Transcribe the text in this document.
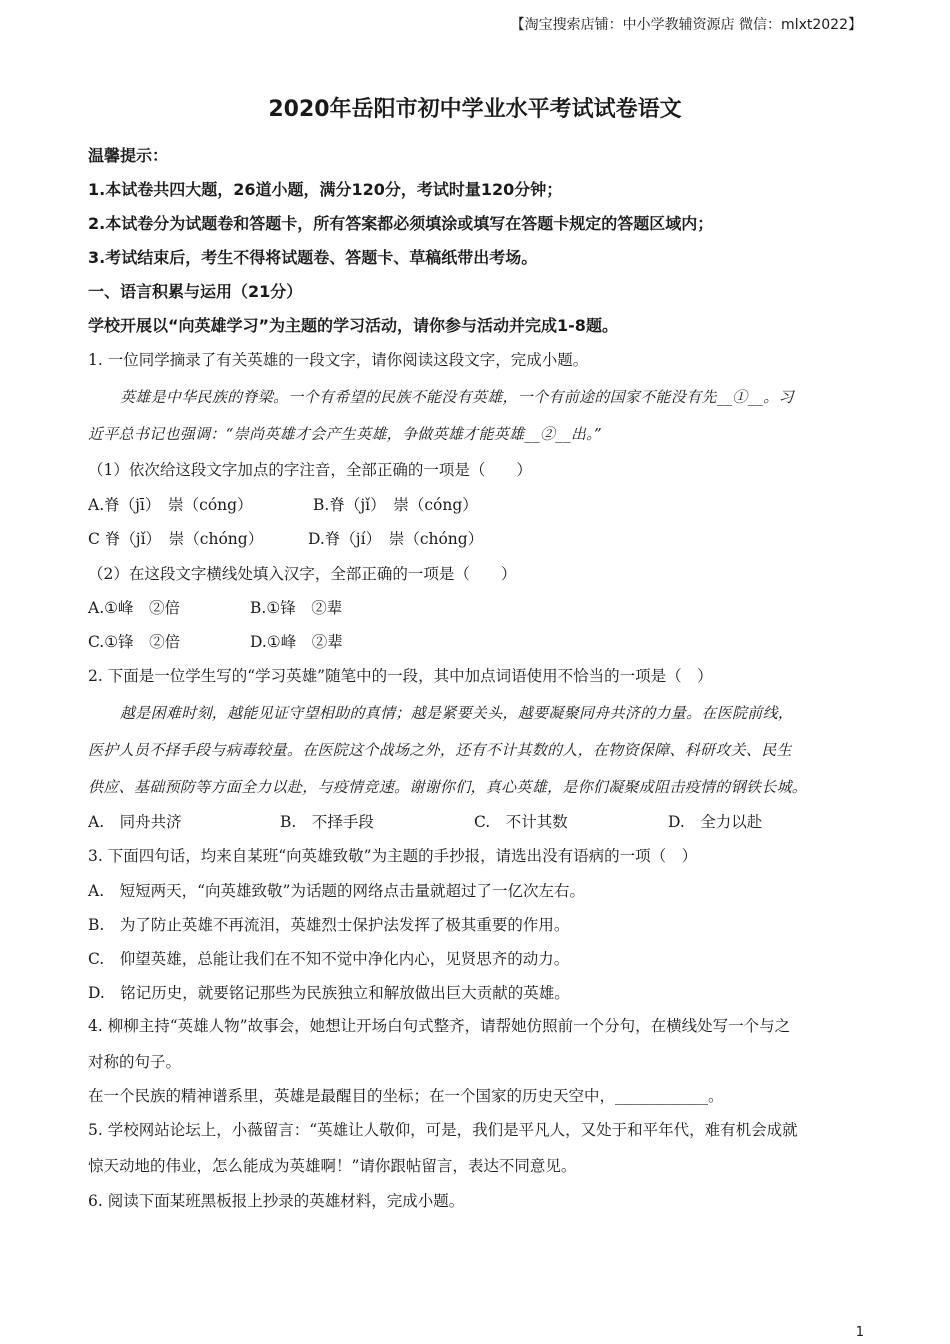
【淘宝搜索店铺：中小学教辅资源店 微信：mlxt2022】
2020年岳阳市初中学业水平考试试卷语文
温馨提示：
1.本试卷共四大题，26道小题，满分120分，考试时量120分钟；
2.本试卷分为试题卷和答题卡，所有答案都必须填涂或填写在答题卡规定的答题区域内；
3.考试结束后，考生不得将试题卷、答题卡、草稿纸带出考场。
一、语言积累与运用（21分）
学校开展以“向英雄学习”为主题的学习活动，请你参与活动并完成1-8题。
1. 一位同学摘录了有关英雄的一段文字，请你阅读这段文字，完成小题。
英雄是中华民族的脊梁。一个有希望的民族不能没有英雄，一个有前途的国家不能没有先__①__。习
近平总书记也强调：“崇尚英雄才会产生英雄，争做英雄才能英雄__②__出。”
（1）依次给这段文字加点的字注音，全部正确的一项是（　　）
A.脊（jī）　崇（cóng）	B.脊（jǐ）　崇（cóng）
C 脊（jǐ）　崇（chóng）	D.脊（jí）　崇（chóng）
（2）在这段文字横线处填入汉字，全部正确的一项是（　　）
A.①峰　②倍	B.①锋　②辈
C.①锋　②倍	D.①峰　②辈
2. 下面是一位学生写的“学习英雄”随笔中的一段，其中加点词语使用不恰当的一项是（　）
越是困难时刻，越能见证守望相助的真情；越是紧要关头，越要凝聚同舟共济的力量。在医院前线，
医护人员不择手段与病毒较量。在医院这个战场之外，还有不计其数的人，在物资保障、科研攻关、民生
供应、基础预防等方面全力以赴，与疫情竞速。谢谢你们，真心英雄，是你们凝聚成阻击疫情的钢铁长城。
A.　同舟共济	B.　不择手段	C.　不计其数	D.　全力以赴
3. 下面四句话，均来自某班“向英雄致敬”为主题的手抄报，请选出没有语病的一项（　）
A.　短短两天，“向英雄致敬”为话题的网络点击量就超过了一亿次左右。
B.　为了防止英雄不再流泪，英雄烈士保护法发挥了极其重要的作用。
C.　仰望英雄，总能让我们在不知不觉中净化内心，见贤思齐的动力。
D.　铭记历史，就要铭记那些为民族独立和解放做出巨大贡献的英雄。
4. 柳柳主持“英雄人物”故事会，她想让开场白句式整齐，请帮她仿照前一个分句，在横线处写一个与之
对称的句子。
在一个民族的精神谱系里，英雄是最醒目的坐标；在一个国家的历史天空中，____________。
5. 学校网站论坛上，小薇留言：“英雄让人敬仰，可是，我们是平凡人，又处于和平年代，难有机会成就
惊天动地的伟业，怎么能成为英雄啊！”请你跟帖留言，表达不同意见。
6. 阅读下面某班黑板报上抄录的英雄材料，完成小题。
1
